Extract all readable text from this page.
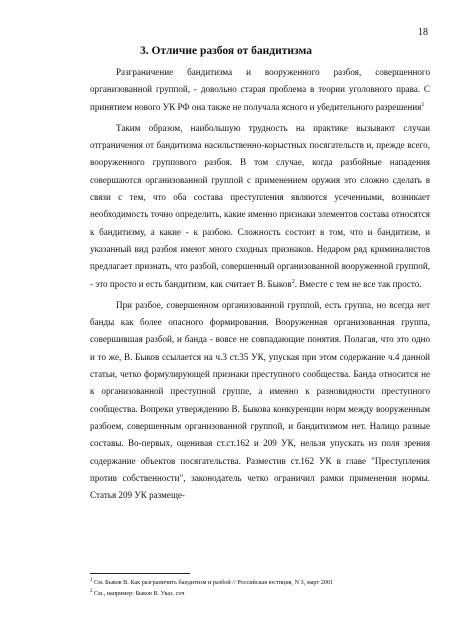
18
3. Отличие разбоя от бандитизма

Разграничение бандитизма и вооруженного разбоя, совершенного организованной группой, - довольно старая проблема в теории уголовного права. С принятием нового УК РФ она также не получала ясного и убедительного разрешения$^1$

Таким образом, наибольшую трудность на практике вызывают случаи отграничения от бандитизма насильственно-корыстных посягательств и, прежде всего, вооруженного группового разбоя. В том случае, когда разбойные нападения совершаются организованной группой с применением оружия это сложно сделать в связи с тем, что оба состава преступления являются усеченными, возникает необходимость точно определить, какие именно признаки элементов состава относятся к бандитизму, а какие - к разбою. Сложность состоит в том, что и бандитизм, и указанный вид разбоя имеют много сходных признаков. Недаром ряд криминалистов предлагает признать, что разбой, совершенный организованной вооруженной группой, - это просто и есть бандитизм, как считает В. Быков$^2$. Вместе с тем не все так просто.

При разбое, совершенном организованной группой, есть группа, но всегда нет банды как более опасного формирования. Вооруженная организованная группа, совершившая разбой, и банда - вовсе не совпадающие понятия. Полагая, что это одно и то же, В. Быков ссылается на ч.3 ст.35 УК, упуская при этом содержание ч.4 данной статьи, четко формулирующей признаки преступного сообщества. Банда относится не к организованной преступной группе, а именно к разновидности преступного сообщества. Вопреки утверждению В. Быкова конкуренции норм между вооруженным разбоем, совершенным организованной группой, и бандитизмом нет. Налицо разные составы. Во-первых, оценивая ст.ст.162 и 209 УК, нельзя упускать из поля зрения содержание объектов посягательства. Разместив ст.162 УК в главе "Преступления против собственности", законодатель четко ограничил рамки применения нормы. Статья 209 УК размеще-

$^1$ См. Быков В. Как разграничить бандитизм и разбой // Российская юстиция, N 3, март 2001

$^2$ См., например: Быков В. Указ. соч
